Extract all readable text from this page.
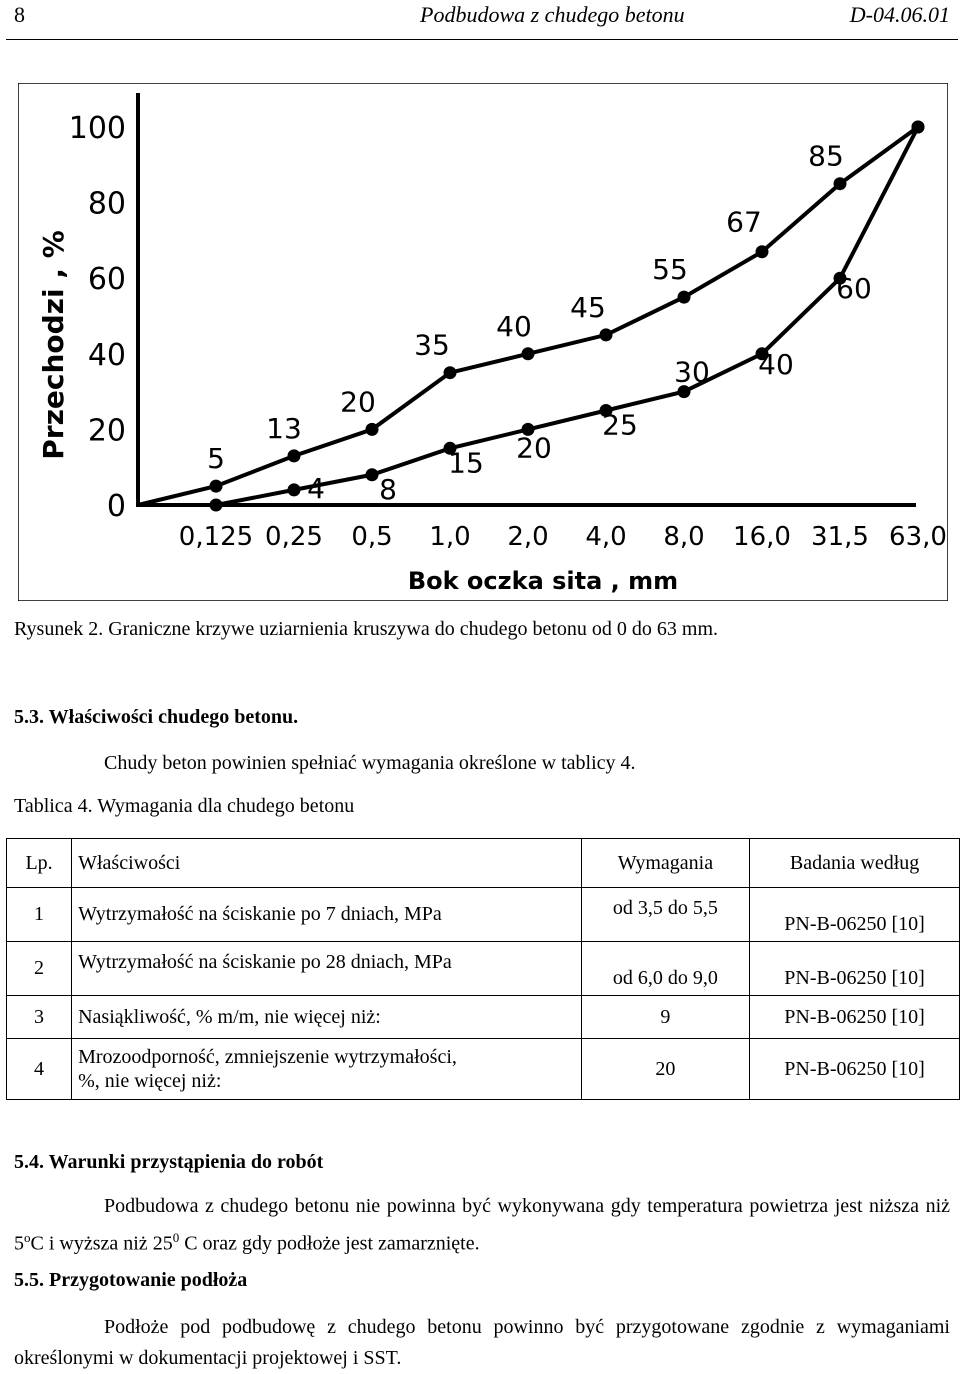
8	Podbudowa z chudego betonu	D-04.06.01
Przechodzi , %
Bok oczka sita , mm
0
20
40
60
80
100
0,125 0,25 0,5 1,0 2,0 4,0 8,0 16,0 31,5 63,0
5
13
20
35
40
45
55
67
85
4 8
15 20
25
30 40
60
Rysunek 2. Graniczne krzywe uziarnienia kruszywa do chudego betonu od 0 do 63 mm.
5.3. Właściwości chudego betonu.
Chudy beton powinien spełniać wymagania określone w tablicy 4.
Tablica 4. Wymagania dla chudego betonu
Lp.	Właściwości	Wymagania	Badania według
1	Wytrzymałość na ściskanie po 7 dniach, MPa	od 3,5 do 5,5	PN-B-06250 [10]
2	Wytrzymałość na ściskanie po 28 dniach, MPa	od 6,0 do 9,0	PN-B-06250 [10]
3	Nasiąkliwość, % m/m, nie więcej niż:	9	PN-B-06250 [10]
4	Mrozoodporność, zmniejszenie wytrzymałości,
%, nie więcej niż:	20	PN-B-06250 [10]
5.4. Warunki przystąpienia do robót
Podbudowa z chudego betonu nie powinna być wykonywana gdy temperatura powietrza jest niższa niż 5$^o$C i wyższa niż $25^0$ C oraz gdy podłoże jest zamarznięte.
5.5. Przygotowanie podłoża
Podłoże pod podbudowę z chudego betonu powinno być przygotowane zgodnie z wymaganiami określonymi w dokumentacji projektowej i SST.
